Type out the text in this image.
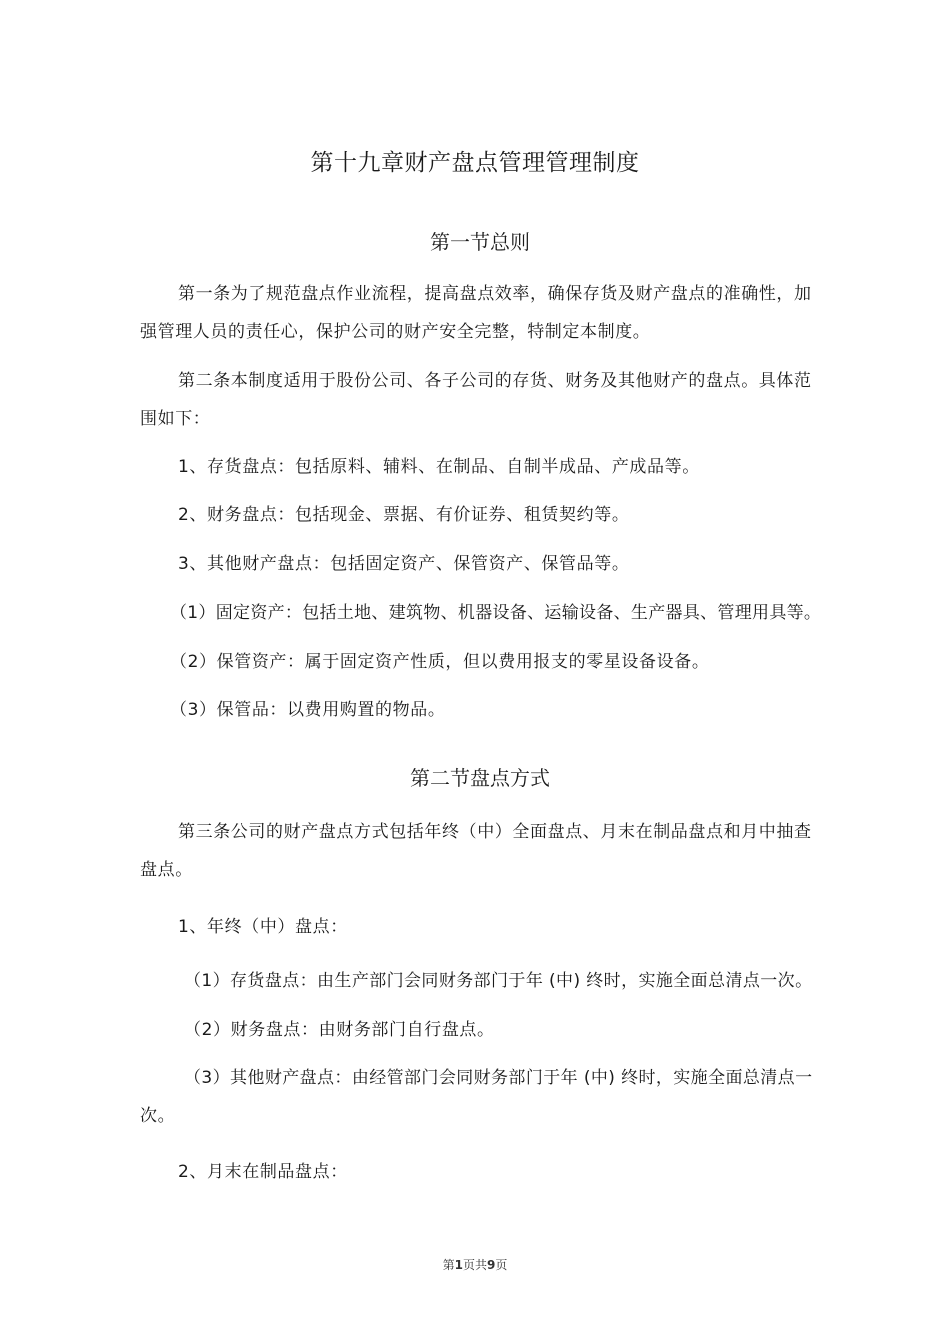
第十九章财产盘点管理管理制度
第一节总则
第一条为了规范盘点作业流程，提高盘点效率，确保存货及财产盘点的准确性，加
强管理人员的责任心，保护公司的财产安全完整，特制定本制度。
第二条本制度适用于股份公司、各子公司的存货、财务及其他财产的盘点。具体范
围如下：
1、存货盘点：包括原料、辅料、在制品、自制半成品、产成品等。
2、财务盘点：包括现金、票据、有价证券、租赁契约等。
3、其他财产盘点：包括固定资产、保管资产、保管品等。
（1）固定资产：包括土地、建筑物、机器设备、运输设备、生产器具、管理用具等。
（2）保管资产：属于固定资产性质，但以费用报支的零星设备设备。
（3）保管品：以费用购置的物品。
第二节盘点方式
第三条公司的财产盘点方式包括年终（中）全面盘点、月末在制品盘点和月中抽查
盘点。
1、年终（中）盘点：
（1）存货盘点：由生产部门会同财务部门于年 (中) 终时，实施全面总清点一次。
（2）财务盘点：由财务部门自行盘点。
（3）其他财产盘点：由经管部门会同财务部门于年 (中) 终时，实施全面总清点一
次。
2、月末在制品盘点：
第1页共9页
